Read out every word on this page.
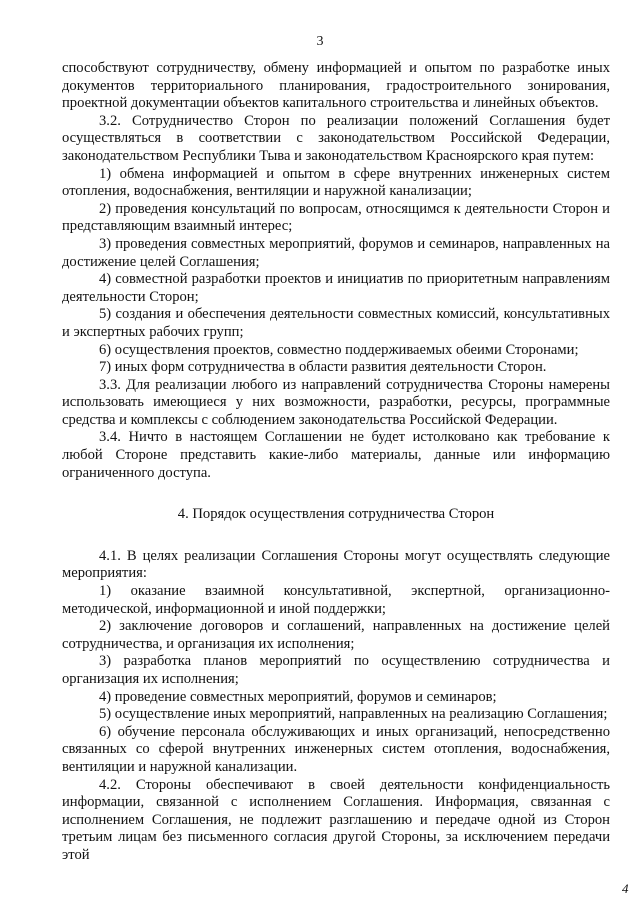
3

способствуют сотрудничеству, обмену информацией и опытом по разработке иных документов территориального планирования, градостроительного зонирования, проектной документации объектов капитального строительства и линейных объектов.

3.2. Сотрудничество Сторон по реализации положений Соглашения будет осуществляться в соответствии с законодательством Российской Федерации, законодательством Республики Тыва и законодательством Красноярского края путем:

1) обмена информацией и опытом в сфере внутренних инженерных систем отопления, водоснабжения, вентиляции и наружной канализации;

2) проведения консультаций по вопросам, относящимся к деятельности Сторон и представляющим взаимный интерес;

3) проведения совместных мероприятий, форумов и семинаров, направленных на достижение целей Соглашения;

4) совместной разработки проектов и инициатив по приоритетным направлениям деятельности Сторон;

5) создания и обеспечения деятельности совместных комиссий, консультативных и экспертных рабочих групп;

6) осуществления проектов, совместно поддерживаемых обеими Сторонами;

7) иных форм сотрудничества в области развития деятельности Сторон.

3.3. Для реализации любого из направлений сотрудничества Стороны намерены использовать имеющиеся у них возможности, разработки, ресурсы, программные средства и комплексы с соблюдением законодательства Российской Федерации.

3.4. Ничто в настоящем Соглашении не будет истолковано как требование к любой Стороне представить какие-либо материалы, данные или информацию ограниченного доступа.

4. Порядок осуществления сотрудничества Сторон

4.1. В целях реализации Соглашения Стороны могут осуществлять следующие мероприятия:

1) оказание взаимной консультативной, экспертной, организационно-методической, информационной и иной поддержки;

2) заключение договоров и соглашений, направленных на достижение целей сотрудничества, и организация их исполнения;

3) разработка планов мероприятий по осуществлению сотрудничества и организация их исполнения;

4) проведение совместных мероприятий, форумов и семинаров;

5) осуществление иных мероприятий, направленных на реализацию Соглашения;

6) обучение персонала обслуживающих и иных организаций, непосредственно связанных со сферой внутренних инженерных систем отопления, водоснабжения, вентиляции и наружной канализации.

4.2. Стороны обеспечивают в своей деятельности конфиденциальность информации, связанной с исполнением Соглашения. Информация, связанная с исполнением Соглашения, не подлежит разглашению и передаче одной из Сторон третьим лицам без письменного согласия другой Стороны, за исключением передачи этой

4
